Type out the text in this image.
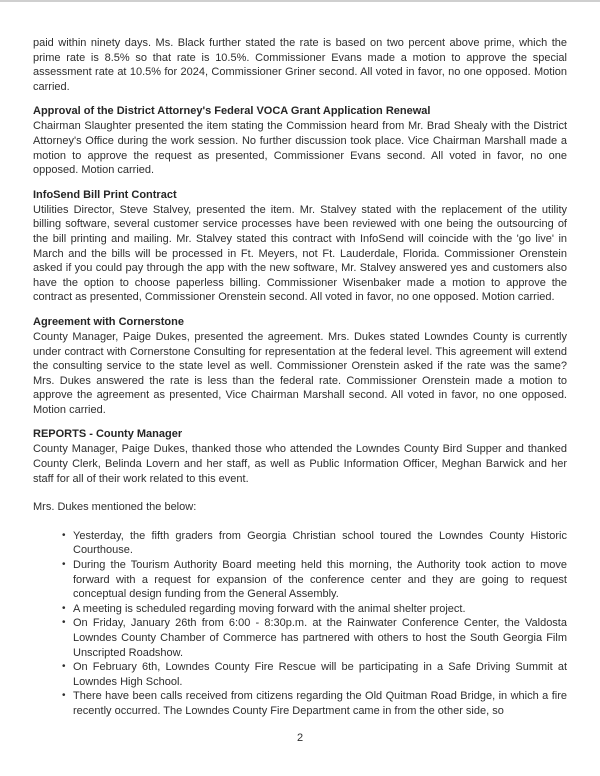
paid within ninety days. Ms. Black further stated the rate is based on two percent above prime, which the prime rate is 8.5% so that rate is 10.5%. Commissioner Evans made a motion to approve the special assessment rate at 10.5% for 2024, Commissioner Griner second. All voted in favor, no one opposed. Motion carried.

Approval of the District Attorney's Federal VOCA Grant Application Renewal

Chairman Slaughter presented the item stating the Commission heard from Mr. Brad Shealy with the District Attorney's Office during the work session. No further discussion took place. Vice Chairman Marshall made a motion to approve the request as presented, Commissioner Evans second. All voted in favor, no one opposed. Motion carried.

InfoSend Bill Print Contract

Utilities Director, Steve Stalvey, presented the item. Mr. Stalvey stated with the replacement of the utility billing software, several customer service processes have been reviewed with one being the outsourcing of the bill printing and mailing. Mr. Stalvey stated this contract with InfoSend will coincide with the 'go live' in March and the bills will be processed in Ft. Meyers, not Ft. Lauderdale, Florida. Commissioner Orenstein asked if you could pay through the app with the new software, Mr. Stalvey answered yes and customers also have the option to choose paperless billing. Commissioner Wisenbaker made a motion to approve the contract as presented, Commissioner Orenstein second. All voted in favor, no one opposed. Motion carried.

Agreement with Cornerstone

County Manager, Paige Dukes, presented the agreement. Mrs. Dukes stated Lowndes County is currently under contract with Cornerstone Consulting for representation at the federal level. This agreement will extend the consulting service to the state level as well. Commissioner Orenstein asked if the rate was the same? Mrs. Dukes answered the rate is less than the federal rate. Commissioner Orenstein made a motion to approve the agreement as presented, Vice Chairman Marshall second. All voted in favor, no one opposed. Motion carried.

REPORTS - County Manager

County Manager, Paige Dukes, thanked those who attended the Lowndes County Bird Supper and thanked County Clerk, Belinda Lovern and her staff, as well as Public Information Officer, Meghan Barwick and her staff for all of their work related to this event.

Mrs. Dukes mentioned the below:

• Yesterday, the fifth graders from Georgia Christian school toured the Lowndes County Historic Courthouse.
• During the Tourism Authority Board meeting held this morning, the Authority took action to move forward with a request for expansion of the conference center and they are going to request conceptual design funding from the General Assembly.
• A meeting is scheduled regarding moving forward with the animal shelter project.
• On Friday, January 26th from 6:00 - 8:30p.m. at the Rainwater Conference Center, the Valdosta Lowndes County Chamber of Commerce has partnered with others to host the South Georgia Film Unscripted Roadshow.
• On February 6th, Lowndes County Fire Rescue will be participating in a Safe Driving Summit at Lowndes High School.
• There have been calls received from citizens regarding the Old Quitman Road Bridge, in which a fire recently occurred. The Lowndes County Fire Department came in from the other side, so
2
